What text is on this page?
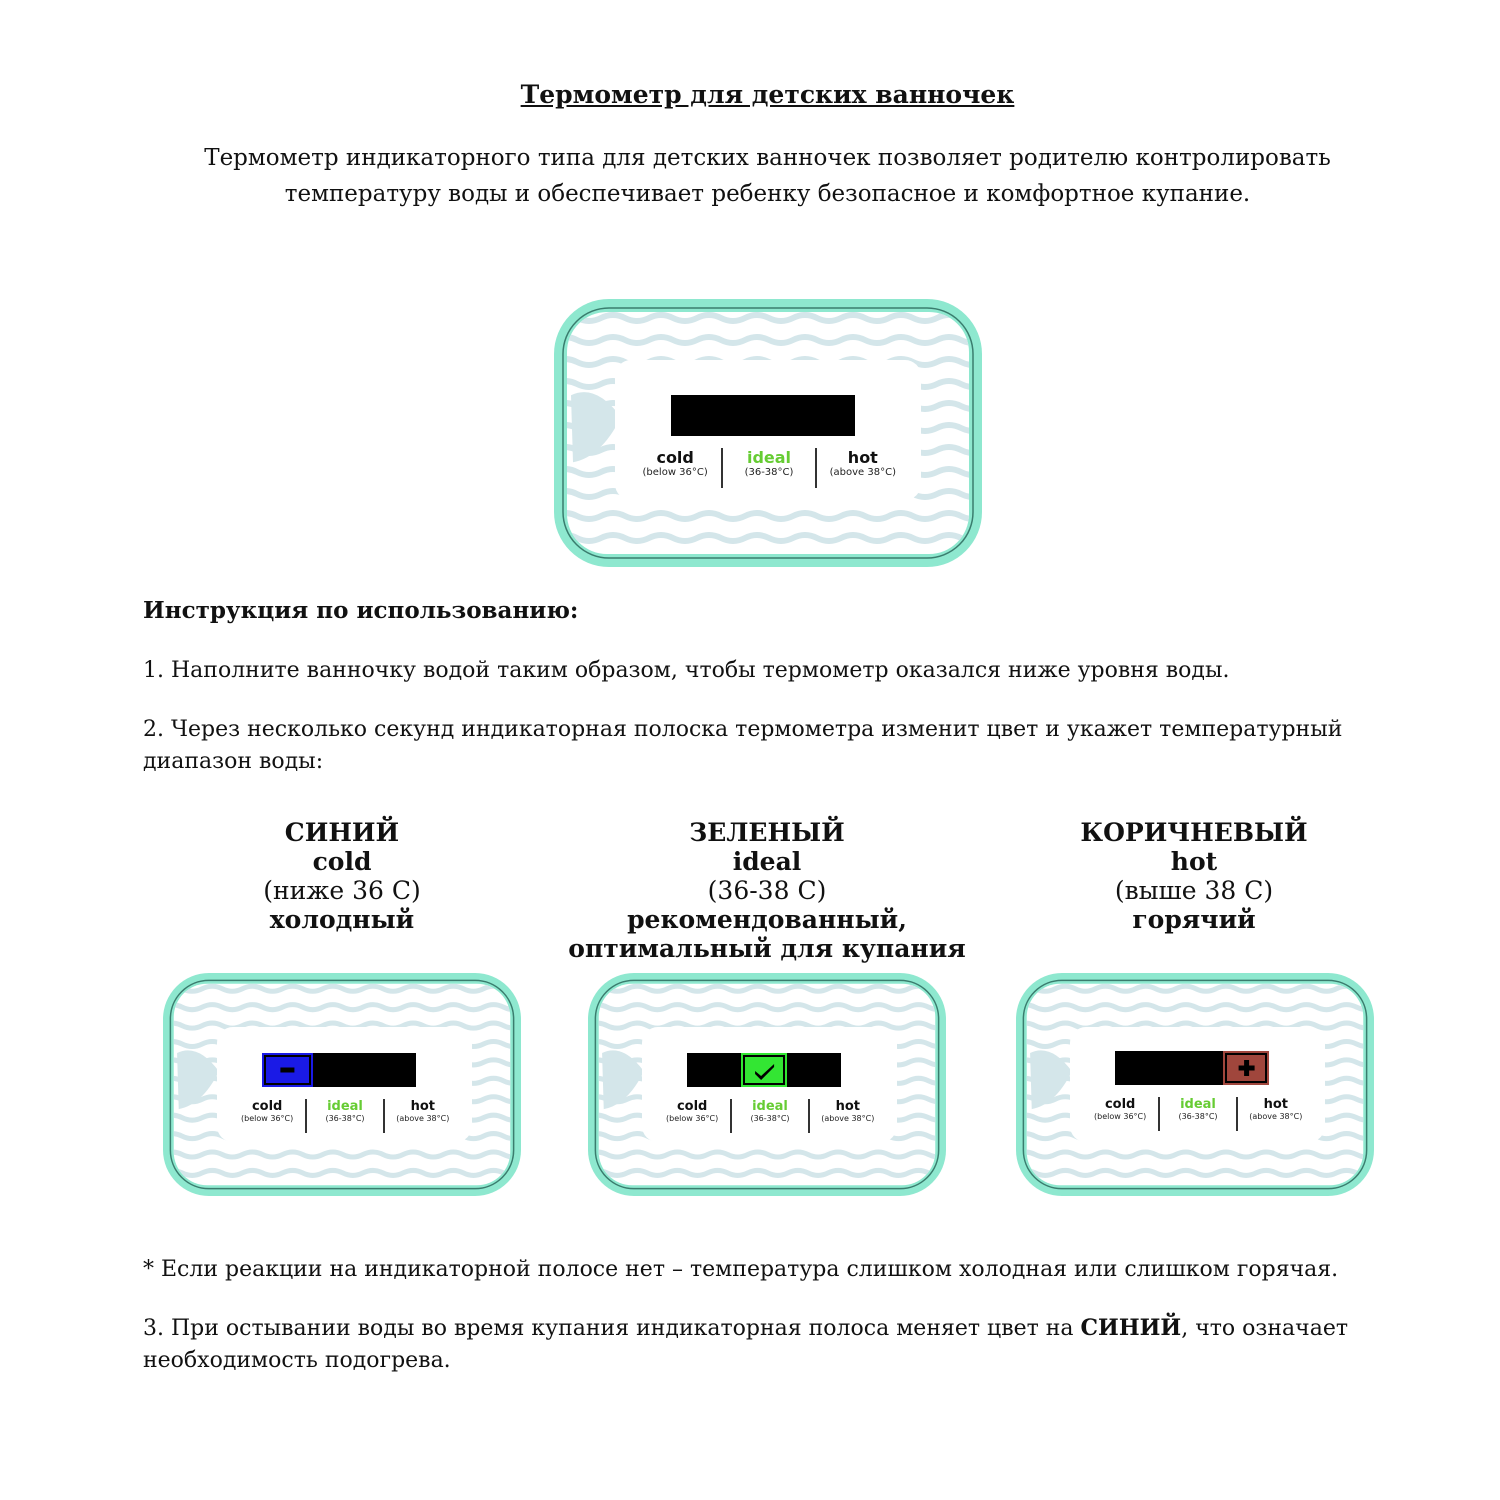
Термометр для детских ванночек
Термометр индикаторного типа для детских ванночек позволяет родителю контролировать
температуру воды и обеспечивает ребенку безопасное и комфортное купание.
cold
(below 36°C)
ideal
(36-38°C)
hot
(above 38°C)
Инструкция по использованию:
1. Наполните ванночку водой таким образом, чтобы термометр оказался ниже уровня воды.
2. Через несколько секунд индикаторная полоска термометра изменит цвет и укажет температурный диапазон воды:
СИНИЙ
cold
(ниже 36 С)
холодный
ЗЕЛЕНЫЙ
ideal
(36-38 С)
рекомендованный,
оптимальный для купания
КОРИЧНЕВЫЙ
hot
(выше 38 С)
горячий
cold
(below 36°C)
ideal
(36-38°C)
hot
(above 38°C)
cold
(below 36°C)
ideal
(36-38°C)
hot
(above 38°C)
cold
(below 36°C)
ideal
(36-38°C)
hot
(above 38°C)
* Если реакции на индикаторной полосе нет – температура слишком холодная или слишком горячая.
3. При остывании воды во время купания индикаторная полоса меняет цвет на СИНИЙ, что означает необходимость подогрева.
